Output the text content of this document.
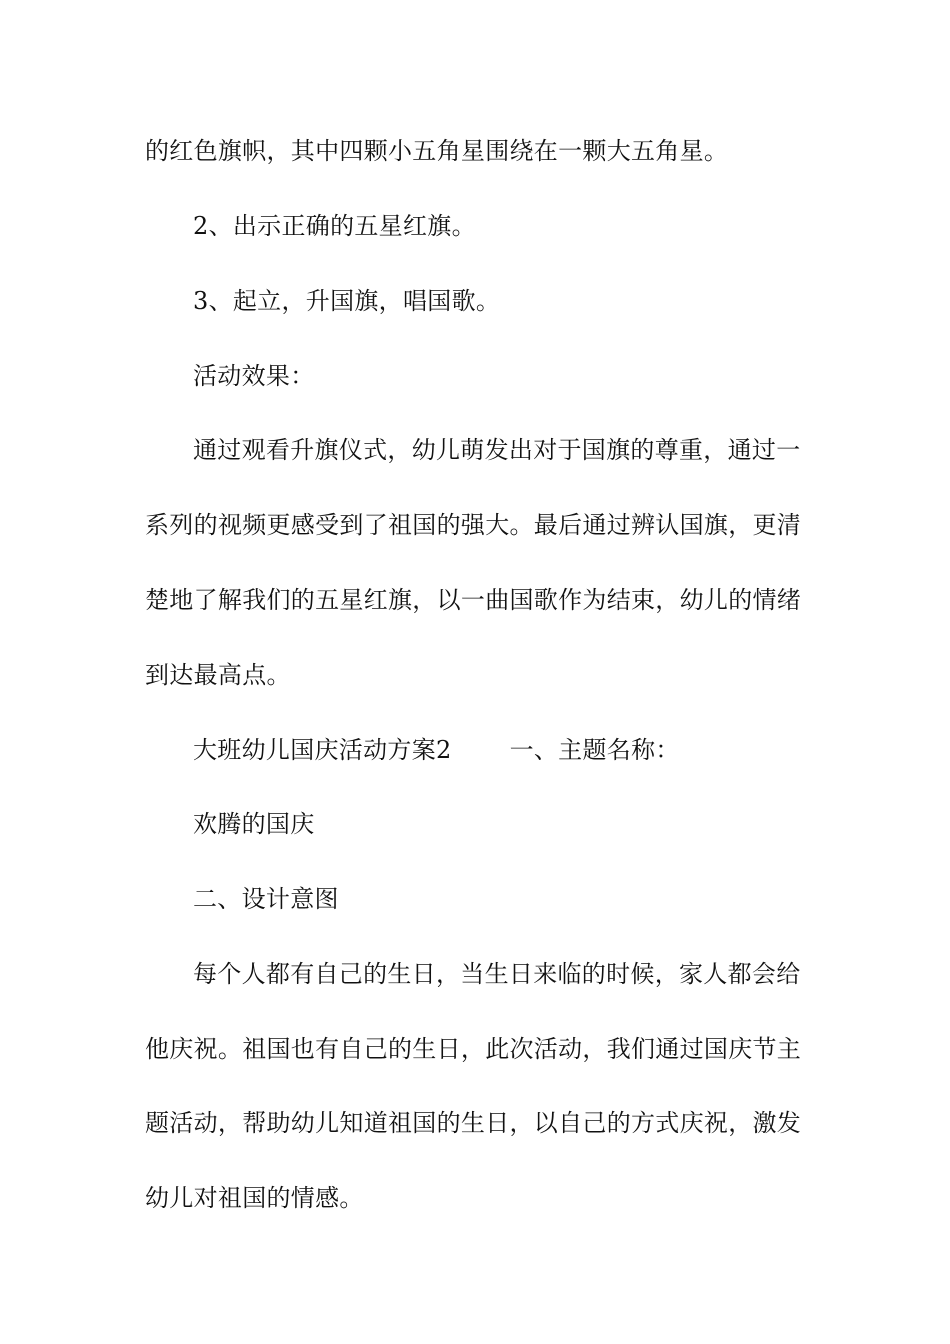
的红色旗帜，其中四颗小五角星围绕在一颗大五角星。
2、出示正确的五星红旗。
3、起立，升国旗，唱国歌。
活动效果：
通过观看升旗仪式，幼儿萌发出对于国旗的尊重，通过一
系列的视频更感受到了祖国的强大。最后通过辨认国旗，更清
楚地了解我们的五星红旗，以一曲国歌作为结束，幼儿的情绪
到达最高点。
大班幼儿国庆活动方案2 一、主题名称：
欢腾的国庆
二、设计意图
每个人都有自己的生日，当生日来临的时候，家人都会给
他庆祝。祖国也有自己的生日，此次活动，我们通过国庆节主
题活动，帮助幼儿知道祖国的生日，以自己的方式庆祝，激发
幼儿对祖国的情感。
